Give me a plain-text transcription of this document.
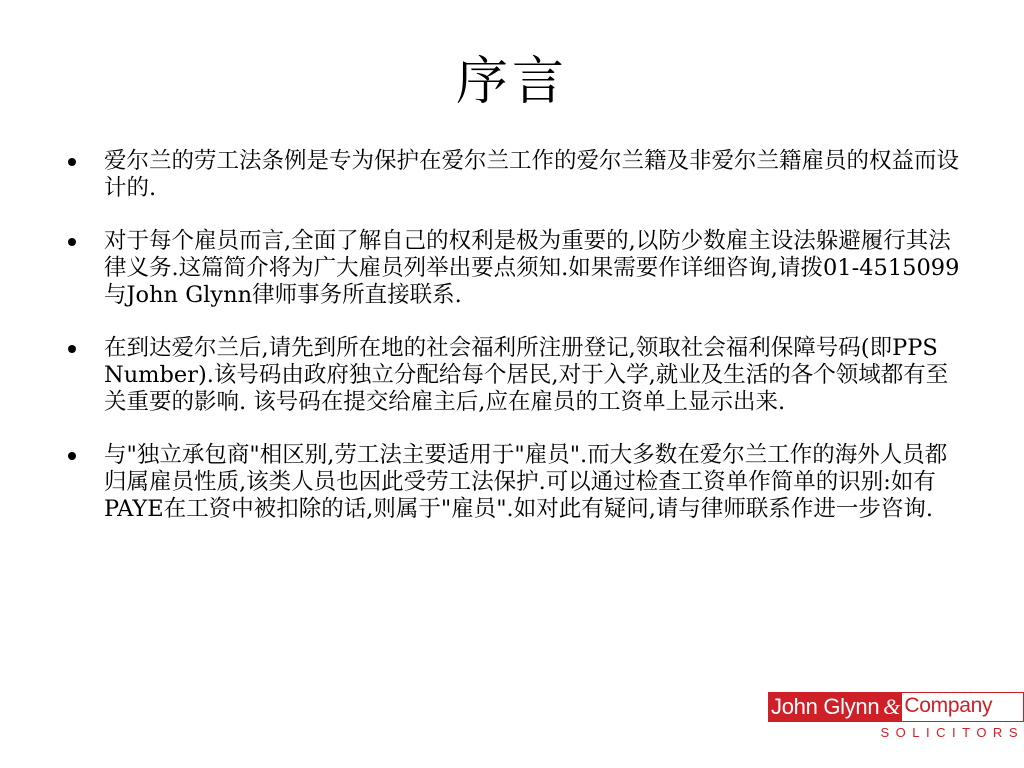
序言
爱尔兰的劳工法条例是专为保护在爱尔兰工作的爱尔兰籍及非爱尔兰籍雇员的权益而设计的.
对于每个雇员而言,全面了解自己的权利是极为重要的,以防少数雇主设法躲避履行其法律义务.这篇简介将为广大雇员列举出要点须知.如果需要作详细咨询,请拨01-4515099与John Glynn律师事务所直接联系.
在到达爱尔兰后,请先到所在地的社会福利所注册登记,领取社会福利保障号码(即PPS Number).该号码由政府独立分配给每个居民,对于入学,就业及生活的各个领域都有至关重要的影响. 该号码在提交给雇主后,应在雇员的工资单上显示出来.
与"独立承包商"相区别,劳工法主要适用于"雇员".而大多数在爱尔兰工作的海外人员都归属雇员性质,该类人员也因此受劳工法保护.可以通过检查工资单作简单的识别:如有PAYE在工资中被扣除的话,则属于"雇员".如对此有疑问,请与律师联系作进一步咨询.
John Glynn & Company
SOLICITORS
